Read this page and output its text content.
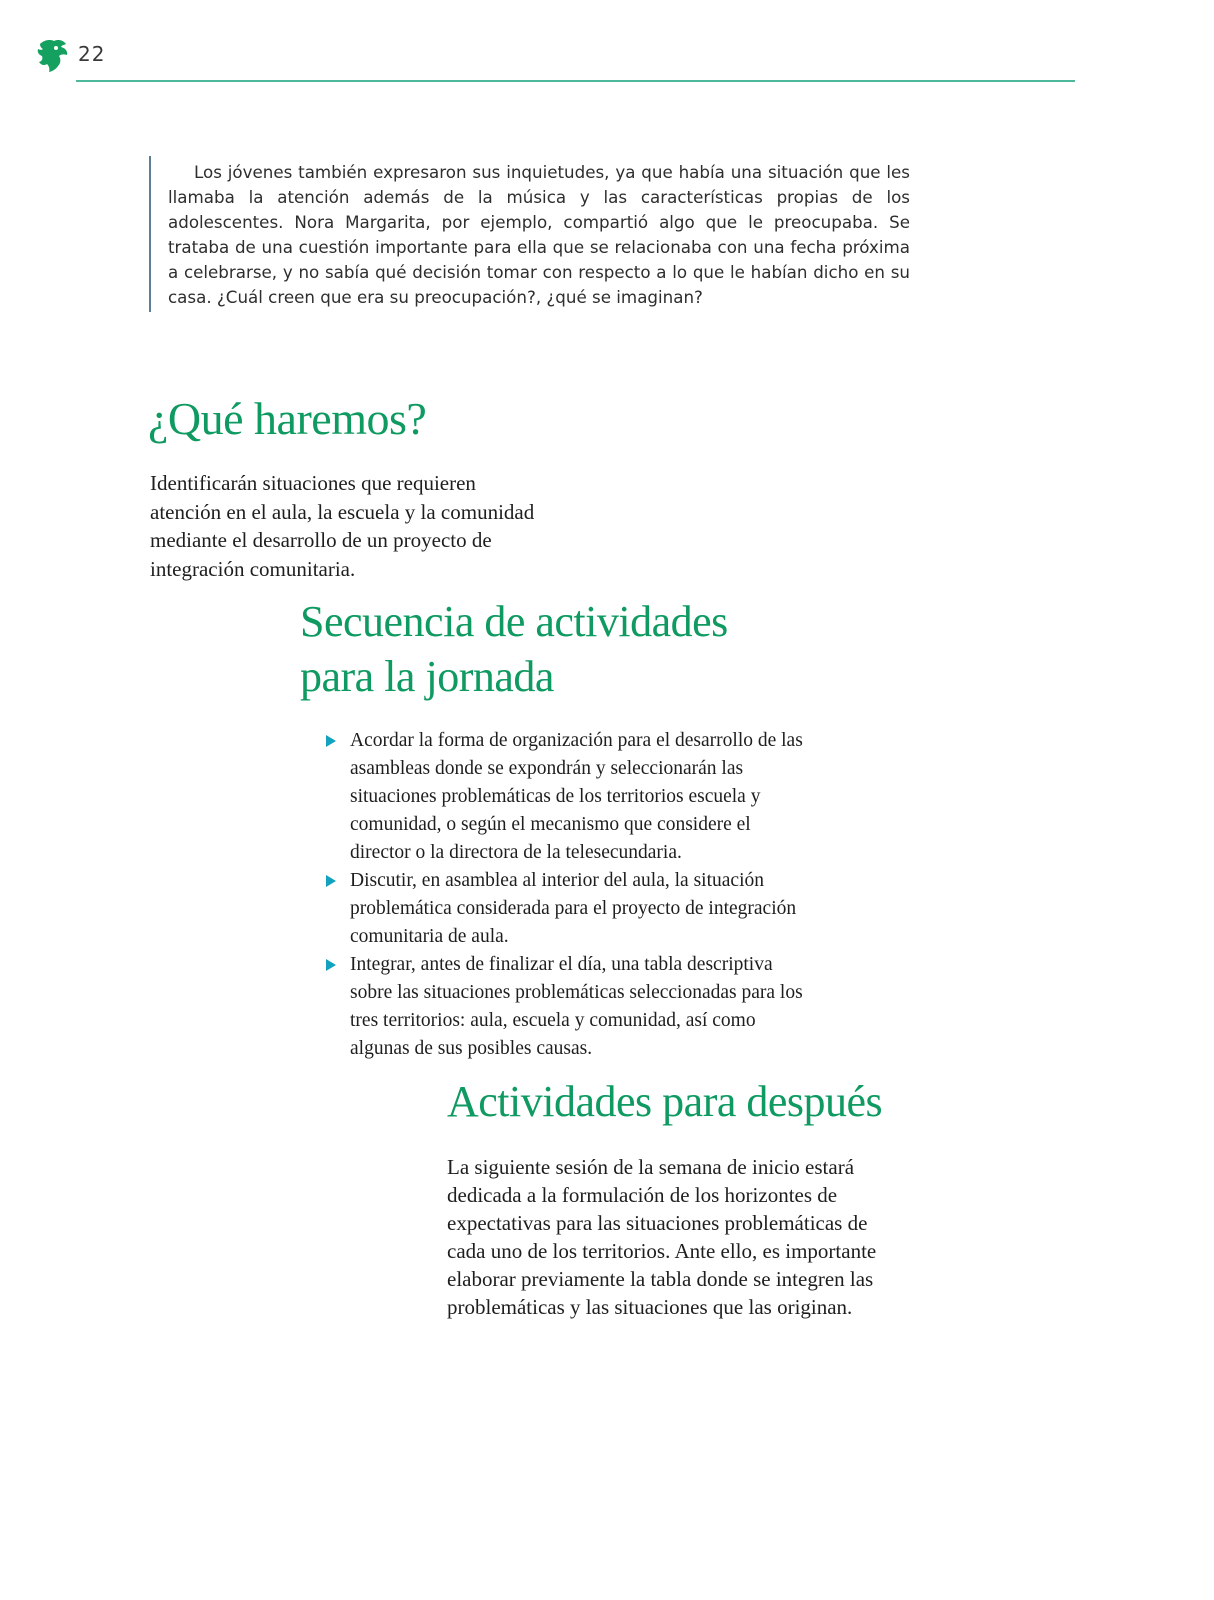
22

Los jóvenes también expresaron sus inquietudes, ya que había una situación que les llamaba la atención además de la música y las características propias de los adolescentes. Nora Margarita, por ejemplo, compartió algo que le preocupaba. Se trataba de una cuestión importante para ella que se relacionaba con una fecha próxima a celebrarse, y no sabía qué decisión tomar con respecto a lo que le habían dicho en su casa. ¿Cuál creen que era su preocupación?, ¿qué se imaginan?

¿Qué haremos?

Identificarán situaciones que requieren atención en el aula, la escuela y la comunidad mediante el desarrollo de un proyecto de integración comunitaria.

Secuencia de actividades
para la jornada
Acordar la forma de organización para el desarrollo de las asambleas donde se expondrán y seleccionarán las situaciones problemáticas de los territorios escuela y comunidad, o según el mecanismo que considere el director o la directora de la telesecundaria.
Discutir, en asamblea al interior del aula, la situación problemática considerada para el proyecto de integración comunitaria de aula.
Integrar, antes de finalizar el día, una tabla descriptiva sobre las situaciones problemáticas seleccionadas para los tres territorios: aula, escuela y comunidad, así como algunas de sus posibles causas.
Actividades para después

La siguiente sesión de la semana de inicio estará dedicada a la formulación de los horizontes de expectativas para las situaciones problemáticas de cada uno de los territorios. Ante ello, es importante elaborar previamente la tabla donde se integren las problemáticas y las situaciones que las originan.
